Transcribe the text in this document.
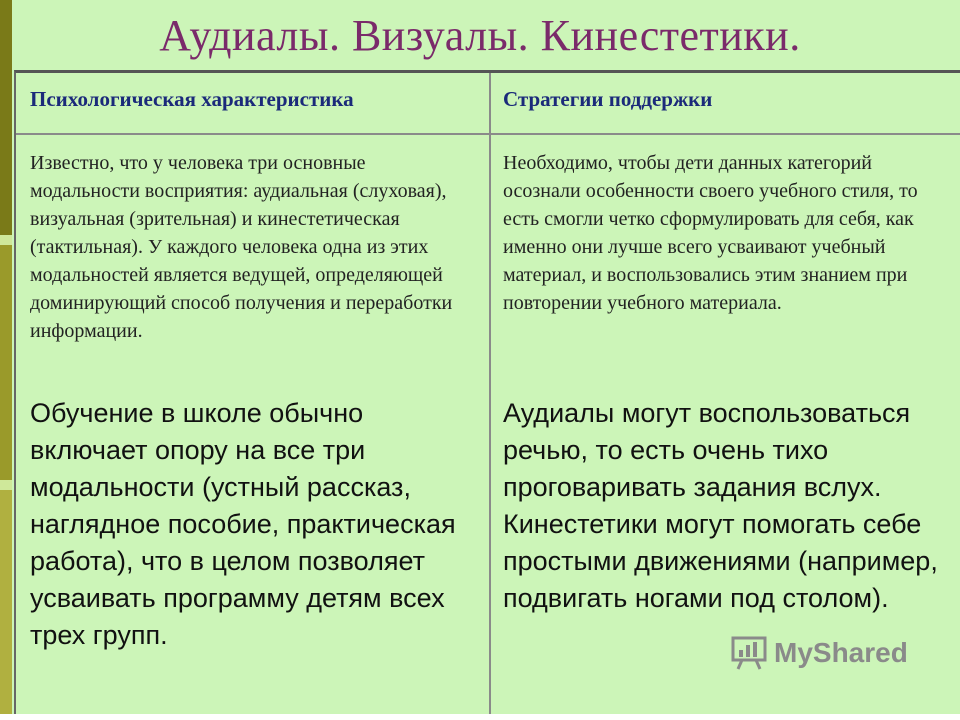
Аудиалы. Визуалы. Кинестетики.
Психологическая характеристика	Стратегии поддержки
Известно, что у человека три основные модальности восприятия: аудиальная (слуховая), визуальная (зрительная) и кинестетическая (тактильная). У каждого человека одна из этих модальностей является ведущей, определяющей доминирующий способ получения и переработки информации.
Обучение в школе обычно включает опору на все три модальности (устный рассказ, наглядное пособие, практическая работа), что в целом позволяет усваивать программу детям всех трех групп.
Необходимо, чтобы дети данных категорий осознали особенности своего учебного стиля, то есть смогли четко сформулировать для себя, как именно они лучше всего усваивают учебный материал, и воспользовались этим знанием при повторении учебного материала.
Аудиалы могут воспользоваться речью, то есть очень тихо проговаривать задания вслух. Кинестетики могут помогать себе простыми движениями (например, подвигать ногами под столом).
MyShared
